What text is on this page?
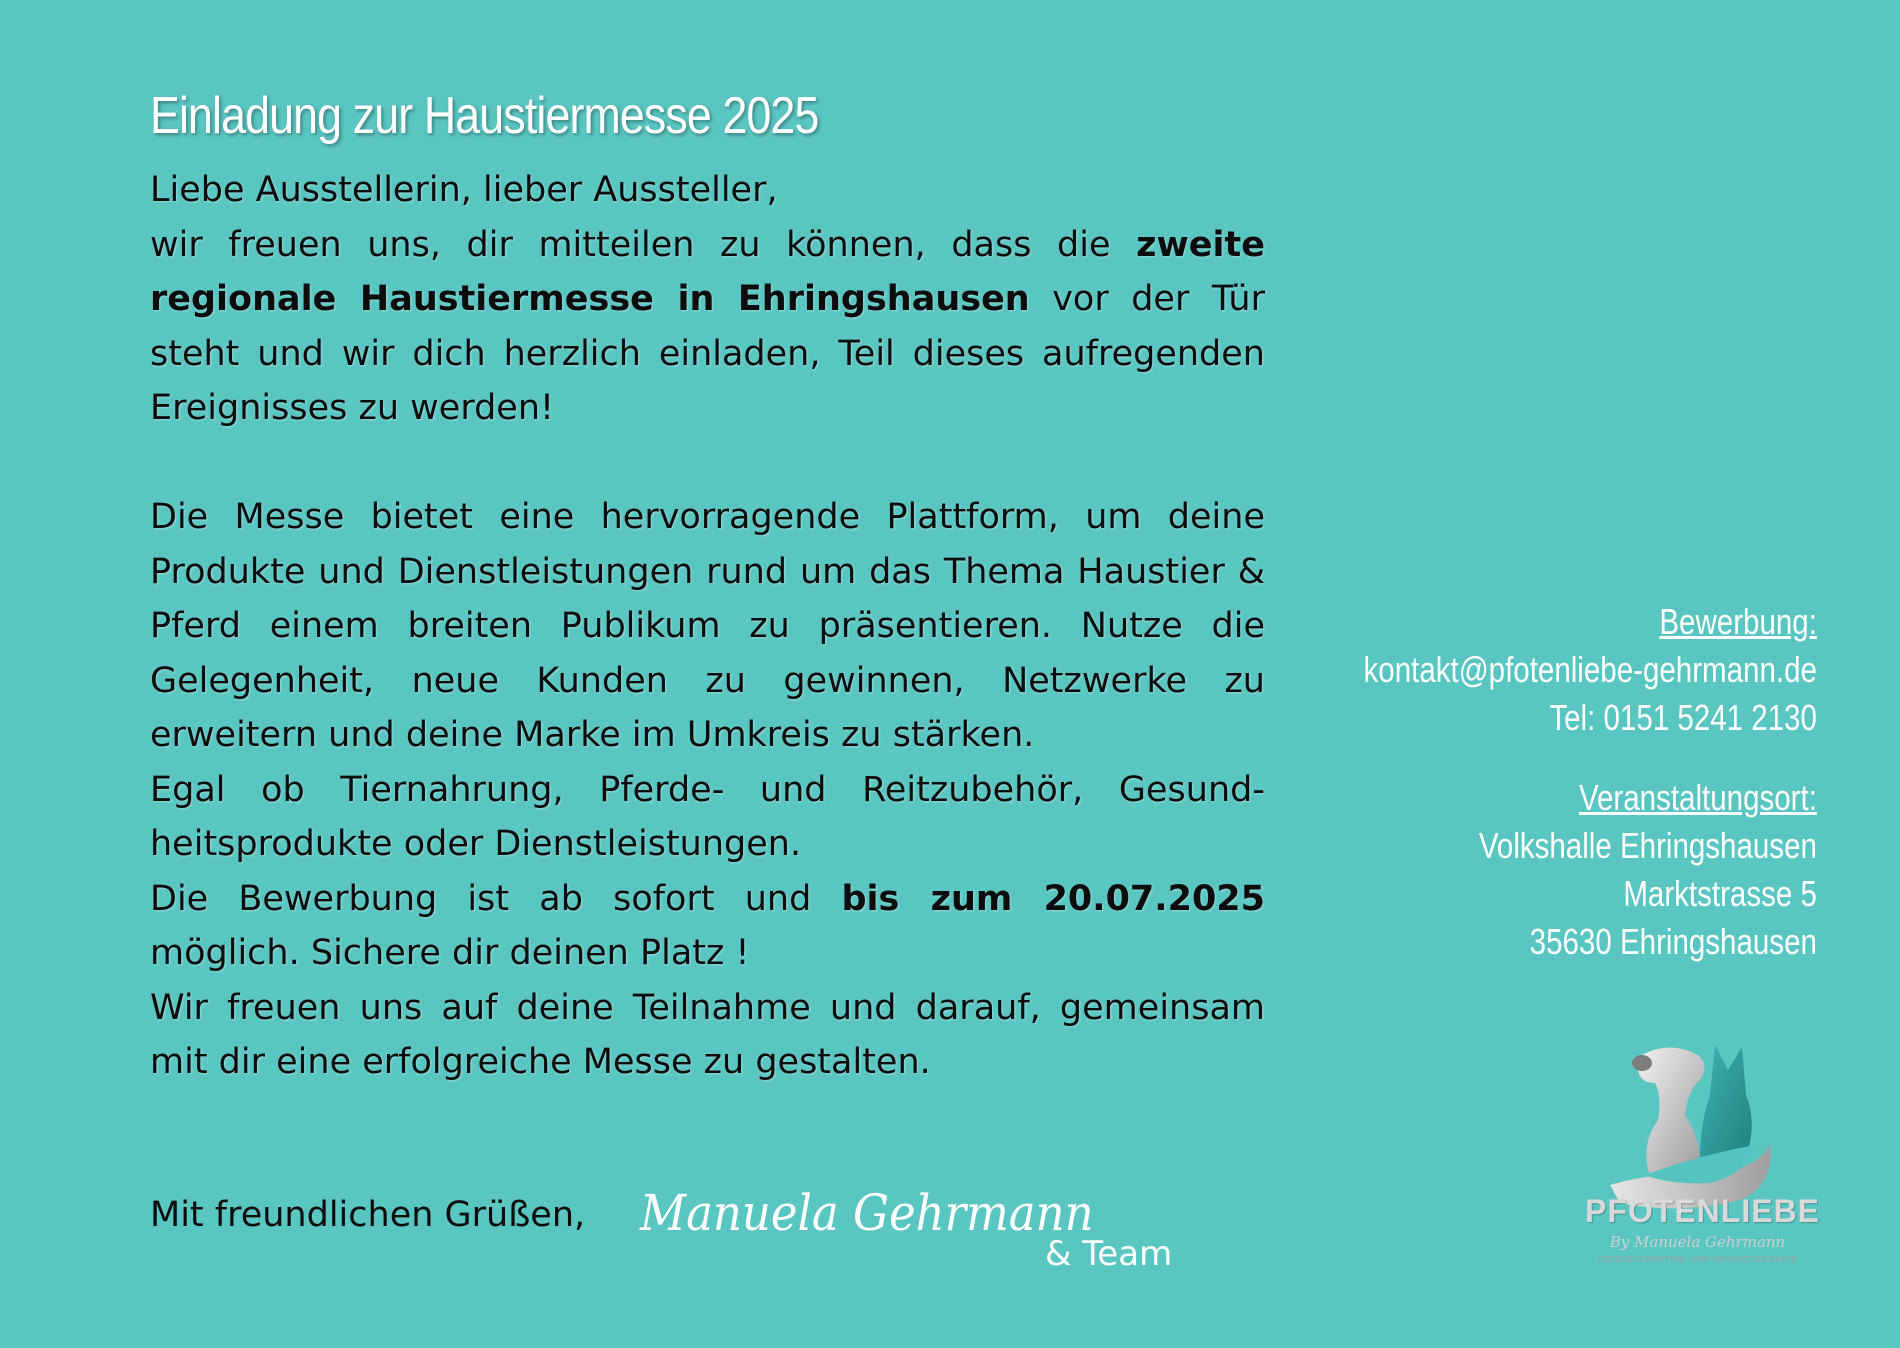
Einladung zur Haustiermesse 2025

Liebe Ausstellerin, lieber Aussteller,

wir freuen uns, dir mitteilen zu können, dass die zweite regionale Haustiermesse in Ehringshausen vor der Tür steht und wir dich herzlich einladen, Teil dieses aufregenden Ereignisses zu werden!

Die Messe bietet eine hervorragende Plattform, um deine Produkte und Dienstleistungen rund um das Thema Haustier & Pferd einem breiten Publikum zu präsentieren. Nutze die Gelegenheit, neue Kunden zu gewinnen, Netzwerke zu erweitern und deine Marke im Umkreis zu stärken.

Egal ob Tiernahrung, Pferde- und Reitzubehör, Gesundheitsprodukte oder Dienstleistungen.

Die Bewerbung ist ab sofort und bis zum 20.07.2025 möglich. Sichere dir deinen Platz !

Wir freuen uns auf deine Teilnahme und darauf, gemeinsam mit dir eine erfolgreiche Messe zu gestalten.

Mit freundlichen Grüßen, Manuela Gehrmann
& Team
Bewerbung:
kontakt@pfotenliebe-gehrmann.de
Tel: 0151 5241 2130
Veranstaltungsort:
Volkshalle Ehringshausen
Marktstrasse 5
35630 Ehringshausen
PFOTENLIEBE
By Manuela Gehrmann
TIEROSTEOPATHIE UND PHYSIOTHERAPIE
